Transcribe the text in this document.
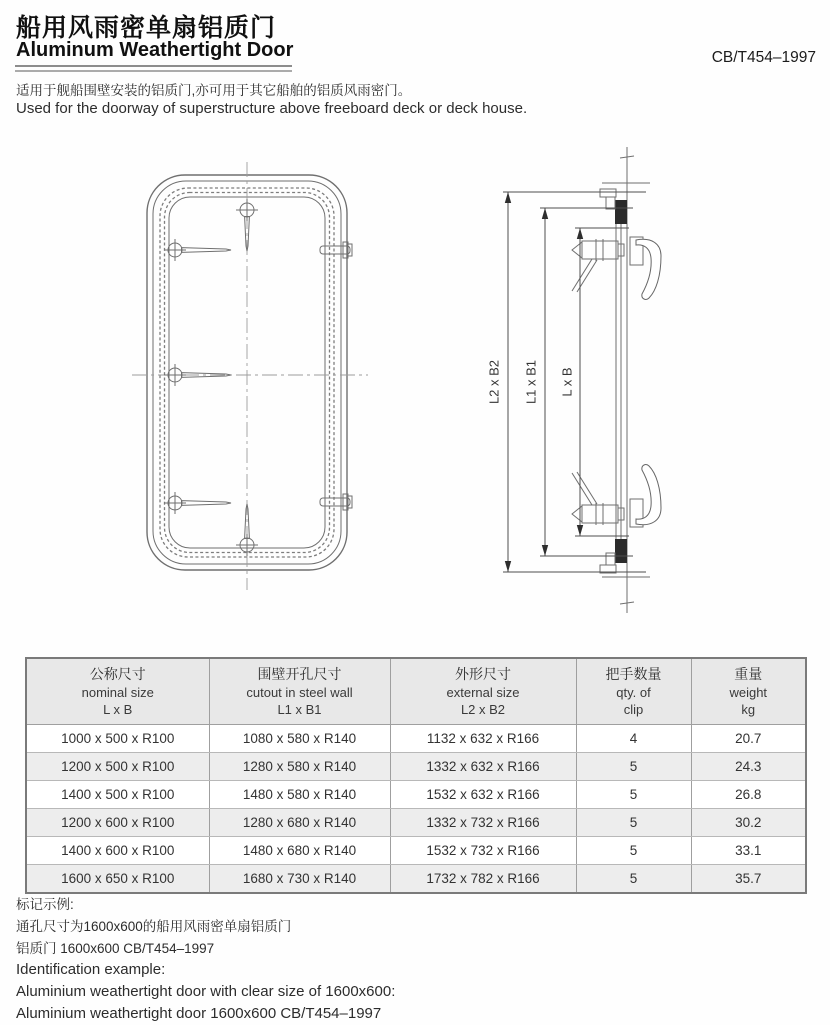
船用风雨密单扇铝质门
Aluminum Weathertight Door	CB/T454–1997
适用于舰船围壁安装的铝质门,亦可用于其它船舶的铝质风雨密门。
Used for the doorway of superstructure above freeboard deck or deck house.
L2 x B2 L1 x B1 L x B
公称尺寸
nominal size
L x B

围壁开孔尺寸
cutout in steel wall
L1 x B1

外形尺寸
external size
L2 x B2

把手数量
qty. of
clip

重量
weight
kg

1000 x 500 x R100	1080 x 580 x R140	1132 x 632 x R166	4	20.7
1200 x 500 x R100	1280 x 580 x R140	1332 x 632 x R166	5	24.3
1400 x 500 x R100	1480 x 580 x R140	1532 x 632 x R166	5	26.8
1200 x 600 x R100	1280 x 680 x R140	1332 x 732 x R166	5	30.2
1400 x 600 x R100	1480 x 680 x R140	1532 x 732 x R166	5	33.1
1600 x 650 x R100	1680 x 730 x R140	1732 x 782 x R166	5	35.7
标记示例:
通孔尺寸为1600x600的船用风雨密单扇铝质门
铝质门 1600x600 CB/T454–1997
Identification example:
Aluminium weathertight door with clear size of 1600x600:
Aluminium weathertight door 1600x600 CB/T454–1997
